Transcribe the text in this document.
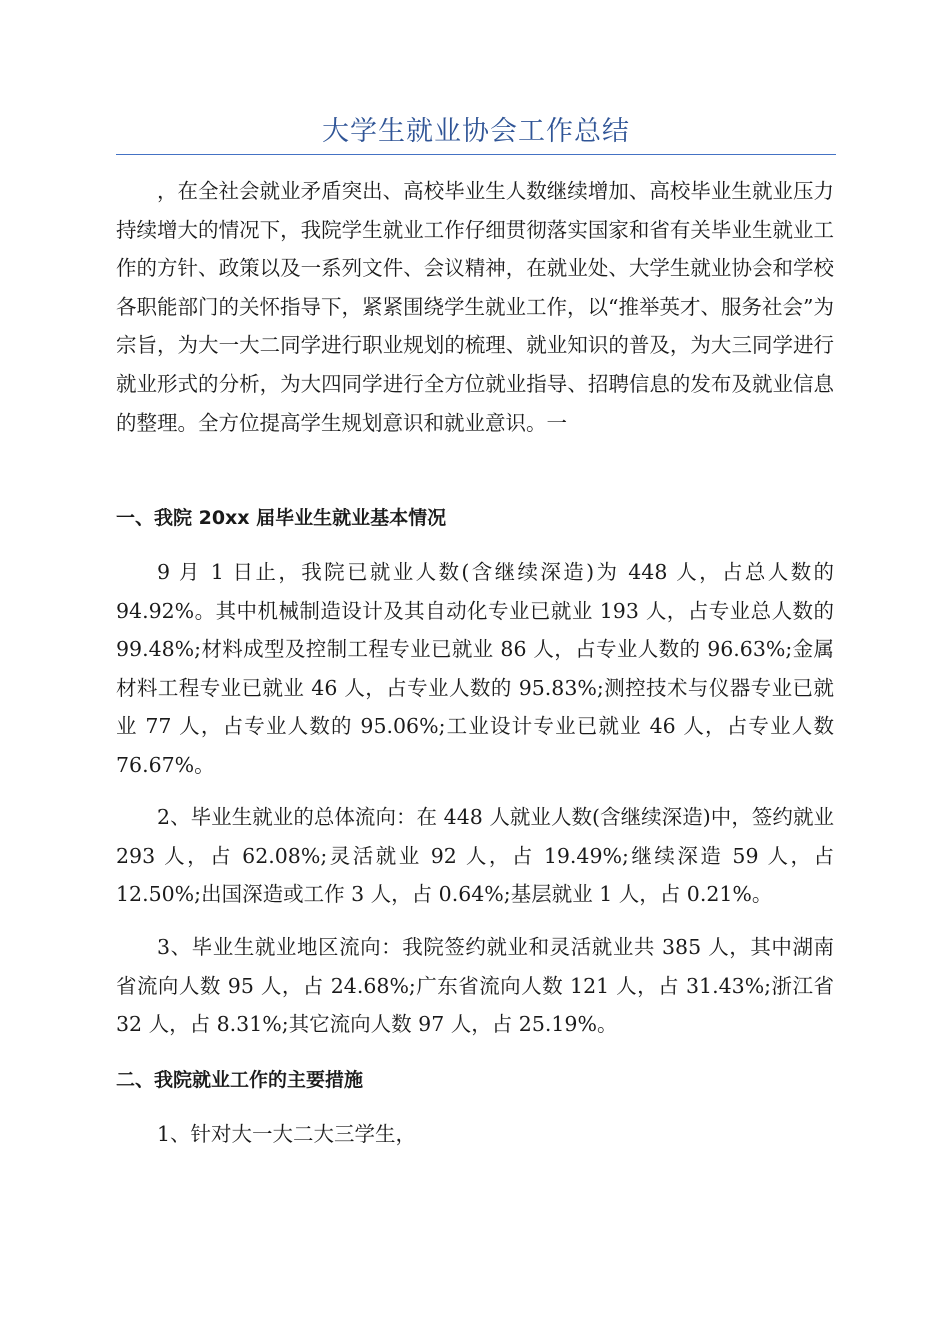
大学生就业协会工作总结

，在全社会就业矛盾突出、高校毕业生人数继续增加、高校毕业生就业压力持续增大的情况下，我院学生就业工作仔细贯彻落实国家和省有关毕业生就业工作的方针、政策以及一系列文件、会议精神，在就业处、大学生就业协会和学校各职能部门的关怀指导下，紧紧围绕学生就业工作，以“推举英才、服务社会”为宗旨，为大一大二同学进行职业规划的梳理、就业知识的普及，为大三同学进行就业形式的分析，为大四同学进行全方位就业指导、招聘信息的发布及就业信息的整理。全方位提高学生规划意识和就业意识。一

一、我院 20xx 届毕业生就业基本情况

9 月 1 日止，我院已就业人数(含继续深造)为 448 人，占总人数的 94.92%。其中机械制造设计及其自动化专业已就业 193 人，占专业总人数的 99.48%;材料成型及控制工程专业已就业 86 人，占专业人数的 96.63%;金属材料工程专业已就业 46 人，占专业人数的 95.83%;测控技术与仪器专业已就业 77 人，占专业人数的 95.06%;工业设计专业已就业 46 人，占专业人数 76.67%。

2、毕业生就业的总体流向：在 448 人就业人数(含继续深造)中，签约就业 293 人，占 62.08%;灵活就业 92 人，占 19.49%;继续深造 59 人，占 12.50%;出国深造或工作 3 人，占 0.64%;基层就业 1 人，占 0.21%。

3、毕业生就业地区流向：我院签约就业和灵活就业共 385 人，其中湖南省流向人数 95 人，占 24.68%;广东省流向人数 121 人，占 31.43%;浙江省 32 人，占 8.31%;其它流向人数 97 人，占 25.19%。

二、我院就业工作的主要措施

1、针对大一大二大三学生，
